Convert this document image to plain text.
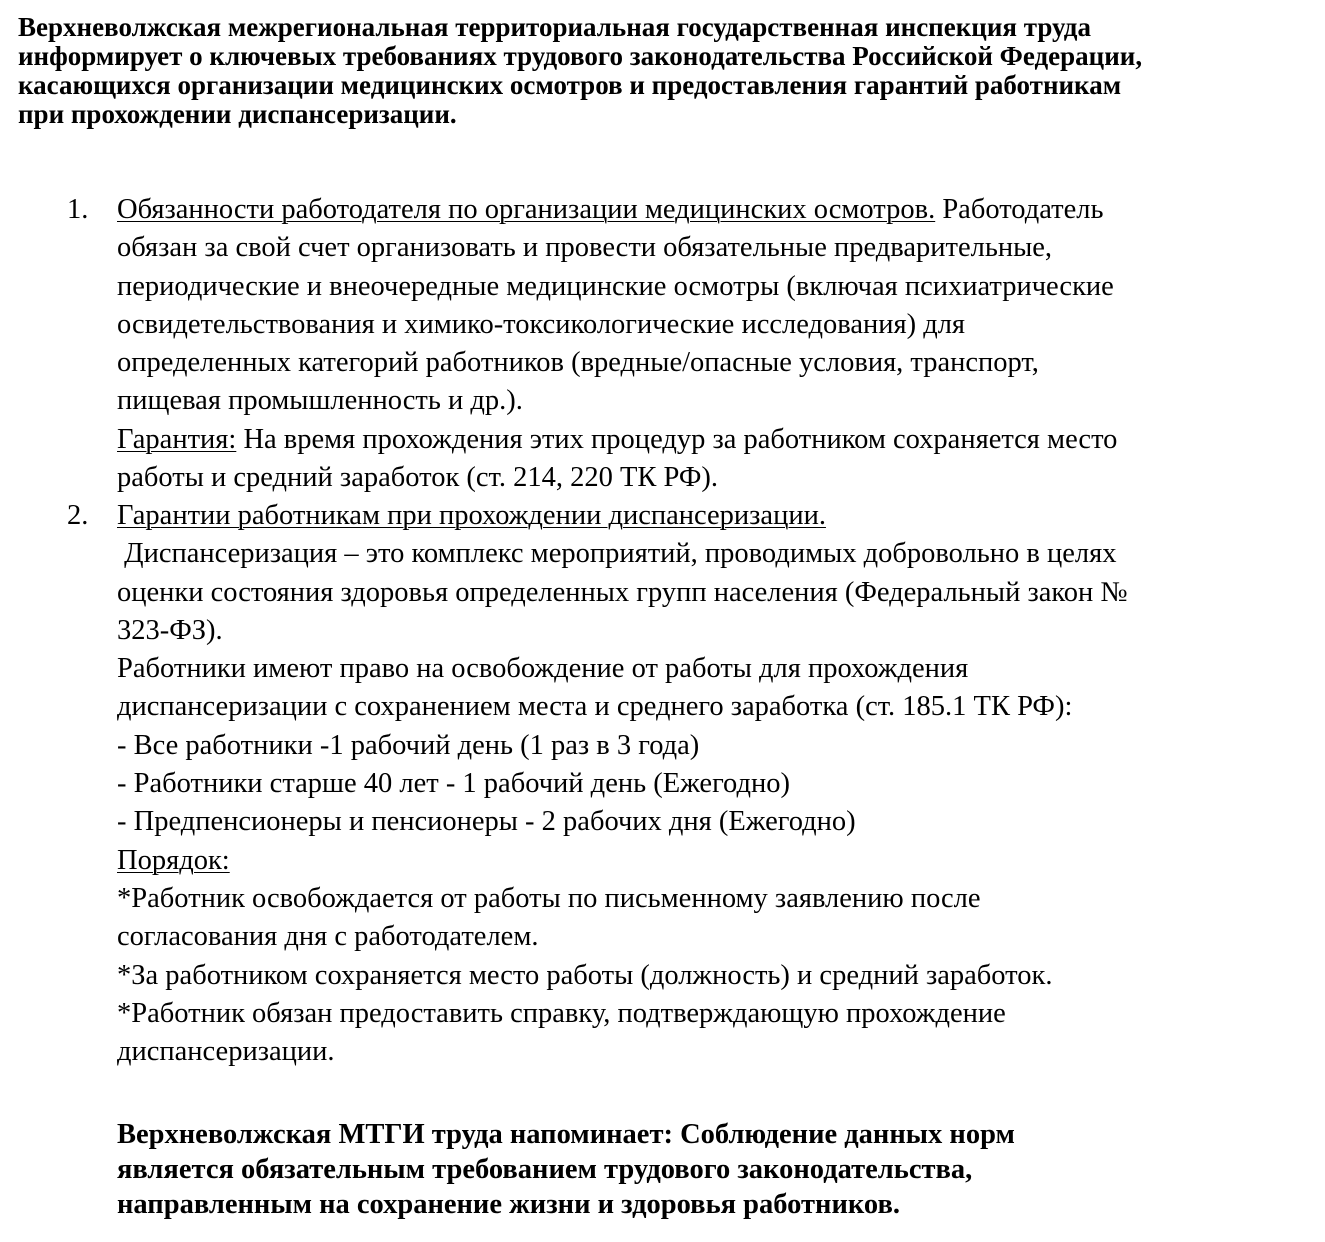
Верхневолжская межрегиональная территориальная государственная инспекция труда
информирует о ключевых требованиях трудового законодательства Российской Федерации,
касающихся организации медицинских осмотров и предоставления гарантий работникам
при прохождении диспансеризации.
1. Обязанности работодателя по организации медицинских осмотров. Работодатель
обязан за свой счет организовать и провести обязательные предварительные,
периодические и внеочередные медицинские осмотры (включая психиатрические
освидетельствования и химико-токсикологические исследования) для
определенных категорий работников (вредные/опасные условия, транспорт,
пищевая промышленность и др.).
Гарантия: На время прохождения этих процедур за работником сохраняется место
работы и средний заработок (ст. 214, 220 ТК РФ).
2. Гарантии работникам при прохождении диспансеризации.
Диспансеризация – это комплекс мероприятий, проводимых добровольно в целях
оценки состояния здоровья определенных групп населения (Федеральный закон №
323-ФЗ).
Работники имеют право на освобождение от работы для прохождения
диспансеризации с сохранением места и среднего заработка (ст. 185.1 ТК РФ):
- Все работники -1 рабочий день (1 раз в 3 года)
- Работники старше 40 лет - 1 рабочий день (Ежегодно)
- Предпенсионеры и пенсионеры - 2 рабочих дня (Ежегодно)
Порядок:
*Работник освобождается от работы по письменному заявлению после
согласования дня с работодателем.
*За работником сохраняется место работы (должность) и средний заработок.
*Работник обязан предоставить справку, подтверждающую прохождение
диспансеризации.
Верхневолжская МТГИ труда напоминает: Соблюдение данных норм
является обязательным требованием трудового законодательства,
направленным на сохранение жизни и здоровья работников.
